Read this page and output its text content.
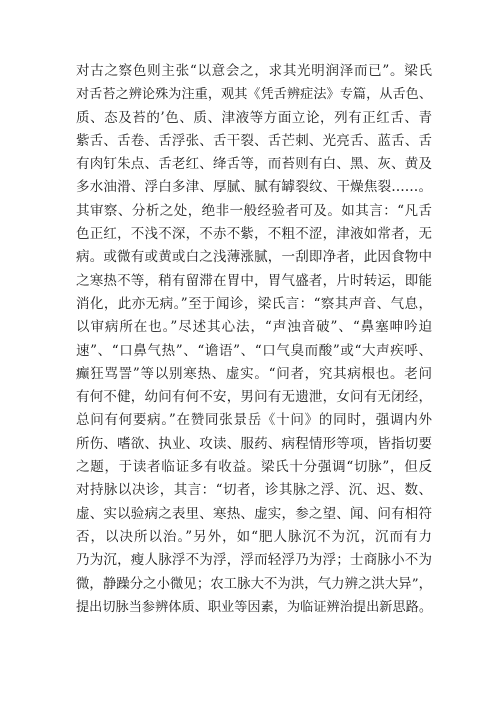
对古之察色则主张“以意会之，求其光明润泽而已”。梁氏
对舌苔之辨论殊为注重，观其《凭舌辨症法》专篇，从舌色、
质、态及苔的’色、质、津液等方面立论，列有正红舌、青
紫舌、舌卷、舌浮张、舌干裂、舌芒刺、光亮舌、蓝舌、舌
有肉钉朱点、舌老红、绛舌等，而苔则有白、黑、灰、黄及
多水油滑、浮白多津、厚腻、腻有罅裂纹、干燥焦裂……。
其审察、分析之处，绝非一般经验者可及。如其言：“凡舌
色正红，不浅不深，不赤不紫，不粗不涩，津液如常者，无
病。或微有或黄或白之浅薄涨腻，一刮即净者，此因食物中
之寒热不等，稍有留滞在胃中，胃气盛者，片时转运，即能
消化，此亦无病。”至于闻诊，梁氏言：“察其声音、气息，
以审病所在也。”尽述其心法，“声浊音破”、“鼻塞呻吟迫
速”、“口鼻气热”、“谵语”、“口气臭而酸”或“大声疾呼、
癫狂骂詈”等以别寒热、虚实。“问者，究其病根也。老问
有何不健，幼问有何不安，男问有无遗泄，女问有无闭经，
总问有何要病。”在赞同张景岳《十问》的同时，强调内外
所伤、嗜欲、执业、攻读、服药、病程情形等项，皆指切要
之题，于读者临证多有收益。梁氏十分强调“切脉”，但反
对持脉以决诊，其言：“切者，诊其脉之浮、沉、迟、数、
虚、实以验病之表里、寒热、虚实，参之望、闻、问有相符
否，以决所以治。”另外，如“肥人脉沉不为沉，沉而有力
乃为沉，瘦人脉浮不为浮，浮而轻浮乃为浮；士商脉小不为
微，静躁分之小微见；农工脉大不为洪，气力辨之洪大异”，
提出切脉当参辨体质、职业等因素，为临证辨治提出新思路。
